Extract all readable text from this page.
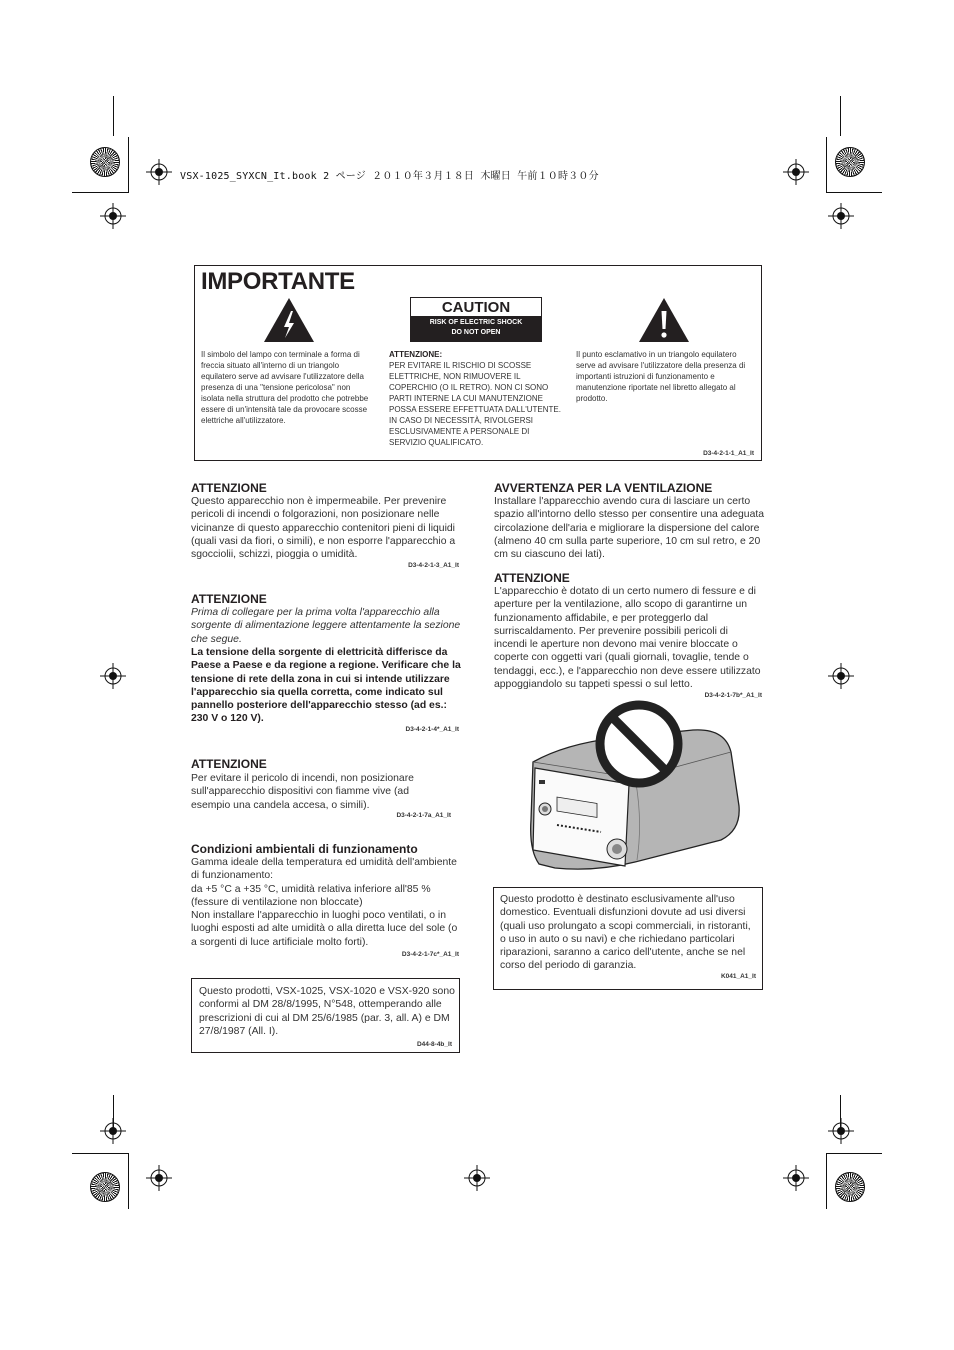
VSX-1025_SYXCN_It.book 2 ページ ２０１０年３月１８日 木曜日 午前１０時３０分
IMPORTANTE
CAUTION
RISK OF ELECTRIC SHOCK
DO NOT OPEN
Il simbolo del lampo con terminale a forma di freccia situato all'interno di un triangolo equilatero serve ad avvisare l'utilizzatore della presenza di una "tensione pericolosa" non isolata nella struttura del prodotto che potrebbe essere di un'intensità tale da provocare scosse elettriche all'utilizzatore.
ATTENZIONE:
PER EVITARE IL RISCHIO DI SCOSSE ELETTRICHE, NON RIMUOVERE IL COPERCHIO (O IL RETRO). NON CI SONO PARTI INTERNE LA CUI MANUTENZIONE POSSA ESSERE EFFETTUATA DALL'UTENTE. IN CASO DI NECESSITÀ, RIVOLGERSI ESCLUSIVAMENTE A PERSONALE DI SERVIZIO QUALIFICATO.
Il punto esclamativo in un triangolo equilatero serve ad avvisare l'utilizzatore della presenza di importanti istruzioni di funzionamento e manutenzione riportate nel libretto allegato al prodotto.
D3-4-2-1-1_A1_It
ATTENZIONE
Questo apparecchio non è impermeabile. Per prevenire pericoli di incendi o folgorazioni, non posizionare nelle vicinanze di questo apparecchio contenitori pieni di liquidi (quali vasi da fiori, o simili), e non esporre l'apparecchio a sgocciolii, schizzi, pioggia o umidità.
D3-4-2-1-3_A1_It
ATTENZIONE
Prima di collegare per la prima volta l'apparecchio alla sorgente di alimentazione leggere attentamente la sezione che segue.
La tensione della sorgente di elettricità differisce da Paese a Paese e da regione a regione. Verificare che la tensione di rete della zona in cui si intende utilizzare l'apparecchio sia quella corretta, come indicato sul pannello posteriore dell'apparecchio stesso (ad es.: 230 V o 120 V).
D3-4-2-1-4*_A1_It
ATTENZIONE
Per evitare il pericolo di incendi, non posizionare sull'apparecchio dispositivi con fiamme vive (ad esempio una candela accesa, o simili).
D3-4-2-1-7a_A1_It
Condizioni ambientali di funzionamento
Gamma ideale della temperatura ed umidità dell'ambiente di funzionamento:
da +5 °C a +35 °C, umidità relativa inferiore all'85 % (fessure di ventilazione non bloccate)
Non installare l'apparecchio in luoghi poco ventilati, o in luoghi esposti ad alte umidità o alla diretta luce del sole (o a sorgenti di luce artificiale molto forti).
D3-4-2-1-7c*_A1_It
Questo prodotti, VSX-1025, VSX-1020 e VSX-920 sono conformi al DM 28/8/1995, N°548, ottemperando alle prescrizioni di cui al DM 25/6/1985 (par. 3, all. A) e DM 27/8/1987 (All. I).
D44-8-4b_It
AVVERTENZA PER LA VENTILAZIONE
Installare l'apparecchio avendo cura di lasciare un certo spazio all'intorno dello stesso per consentire una adeguata circolazione dell'aria e migliorare la dispersione del calore (almeno 40 cm sulla parte superiore, 10 cm sul retro, e 20 cm su ciascuno dei lati).
ATTENZIONE
L'apparecchio è dotato di un certo numero di fessure e di aperture per la ventilazione, allo scopo di garantirne un funzionamento affidabile, e per proteggerlo dal surriscaldamento. Per prevenire possibili pericoli di incendi le aperture non devono mai venire bloccate o coperte con oggetti vari (quali giornali, tovaglie, tende o tendaggi, ecc.), e l'apparecchio non deve essere utilizzato appoggiandolo su tappeti spessi o sul letto.
D3-4-2-1-7b*_A1_It
Questo prodotto è destinato esclusivamente all'uso domestico. Eventuali disfunzioni dovute ad usi diversi (quali uso prolungato a scopi commerciali, in ristoranti, o uso in auto o su navi) e che richiedano particolari riparazioni, saranno a carico dell'utente, anche se nel corso del periodo di garanzia.
K041_A1_It
